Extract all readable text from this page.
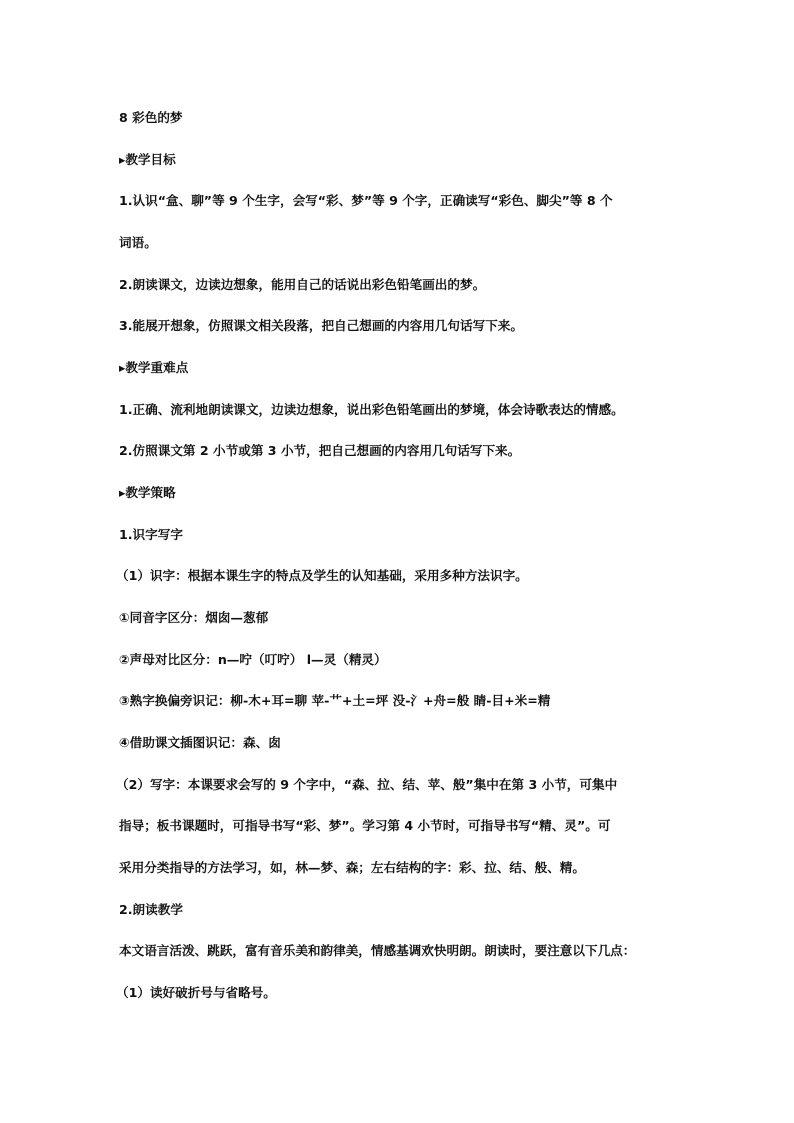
8 彩色的梦
▸教学目标
1.认识“盒、聊”等 9 个生字，会写“彩、梦”等 9 个字，正确读写“彩色、脚尖”等 8 个
词语。
2.朗读课文，边读边想象，能用自己的话说出彩色铅笔画出的梦。
3.能展开想象，仿照课文相关段落，把自己想画的内容用几句话写下来。
▸教学重难点
1.正确、流利地朗读课文，边读边想象，说出彩色铅笔画出的梦境，体会诗歌表达的情感。
2.仿照课文第 2 小节或第 3 小节，把自己想画的内容用几句话写下来。
▸教学策略
1.识字写字
（1）识字：根据本课生字的特点及学生的认知基础，采用多种方法识字。
①同音字区分：烟囱—葱郁
②声母对比区分：n—咛（叮咛） l—灵（精灵）
③熟字换偏旁识记：柳-木+耳=聊 苹-艹+土=坪 没-氵+舟=般 睛-目+米=精
④借助课文插图识记：森、囱
（2）写字：本课要求会写的 9 个字中，“森、拉、结、苹、般”集中在第 3 小节，可集中
指导；板书课题时，可指导书写“彩、梦”。学习第 4 小节时，可指导书写“精、灵”。可
采用分类指导的方法学习，如，林—梦、森；左右结构的字：彩、拉、结、般、精。
2.朗读教学
本文语言活泼、跳跃，富有音乐美和韵律美，情感基调欢快明朗。朗读时，要注意以下几点：
（1）读好破折号与省略号。
